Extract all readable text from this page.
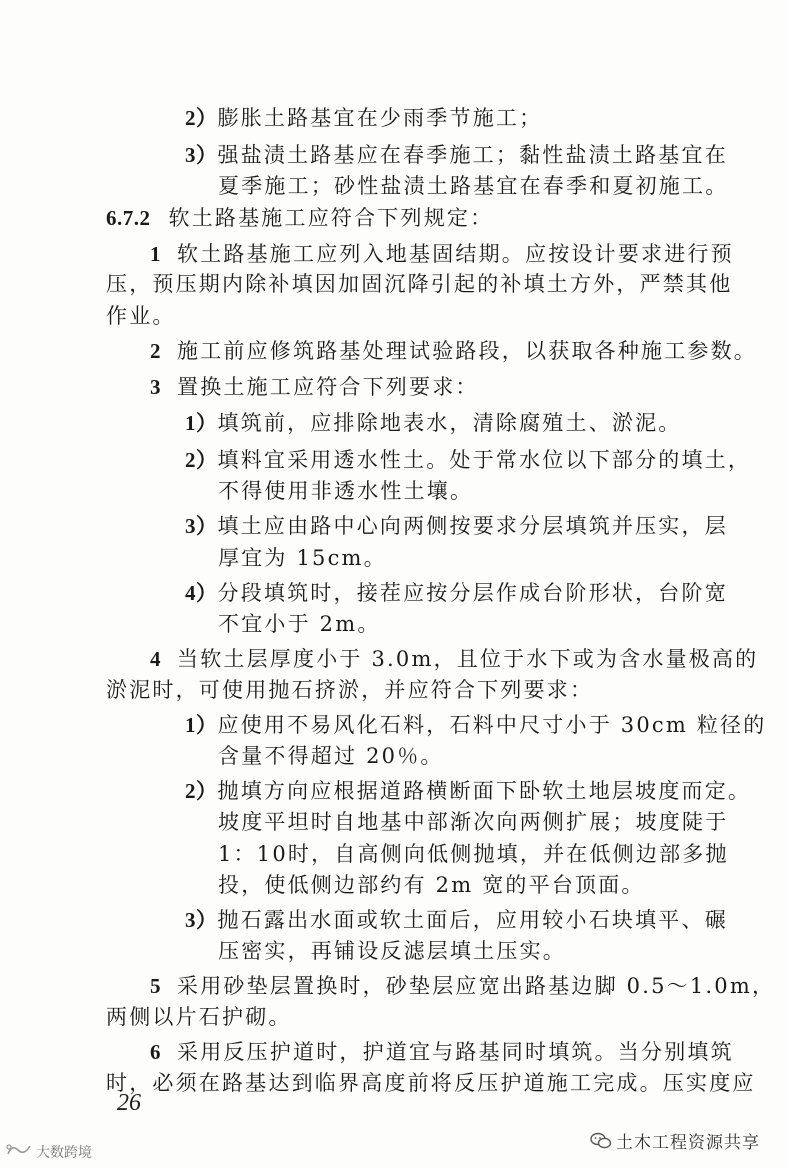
2）膨胀土路基宜在少雨季节施工；
3）强盐渍土路基应在春季施工；黏性盐渍土路基宜在
夏季施工；砂性盐渍土路基宜在春季和夏初施工。
6.7.2 软土路基施工应符合下列规定：
1 软土路基施工应列入地基固结期。应按设计要求进行预
压，预压期内除补填因加固沉降引起的补填土方外，严禁其他
作业。
2 施工前应修筑路基处理试验路段，以获取各种施工参数。
3 置换土施工应符合下列要求：
1）填筑前，应排除地表水，清除腐殖土、淤泥。
2）填料宜采用透水性土。处于常水位以下部分的填土，
不得使用非透水性土壤。
3）填土应由路中心向两侧按要求分层填筑并压实，层
厚宜为 15cm。
4）分段填筑时，接茬应按分层作成台阶形状，台阶宽
不宜小于 2m。
4 当软土层厚度小于 3.0m，且位于水下或为含水量极高的
淤泥时，可使用抛石挤淤，并应符合下列要求：
1）应使用不易风化石料，石料中尺寸小于 30cm 粒径的
含量不得超过 20％。
2）抛填方向应根据道路横断面下卧软土地层坡度而定。
坡度平坦时自地基中部渐次向两侧扩展；坡度陡于
1：10时，自高侧向低侧抛填，并在低侧边部多抛
投，使低侧边部约有 2m 宽的平台顶面。
3）抛石露出水面或软土面后，应用较小石块填平、碾
压密实，再铺设反滤层填土压实。
5 采用砂垫层置换时，砂垫层应宽出路基边脚 0.5～1.0m，
两侧以片石护砌。
6 采用反压护道时，护道宜与路基同时填筑。当分别填筑
时，必须在路基达到临界高度前将反压护道施工完成。压实度应
26
土木工程资源共享
大数跨境
